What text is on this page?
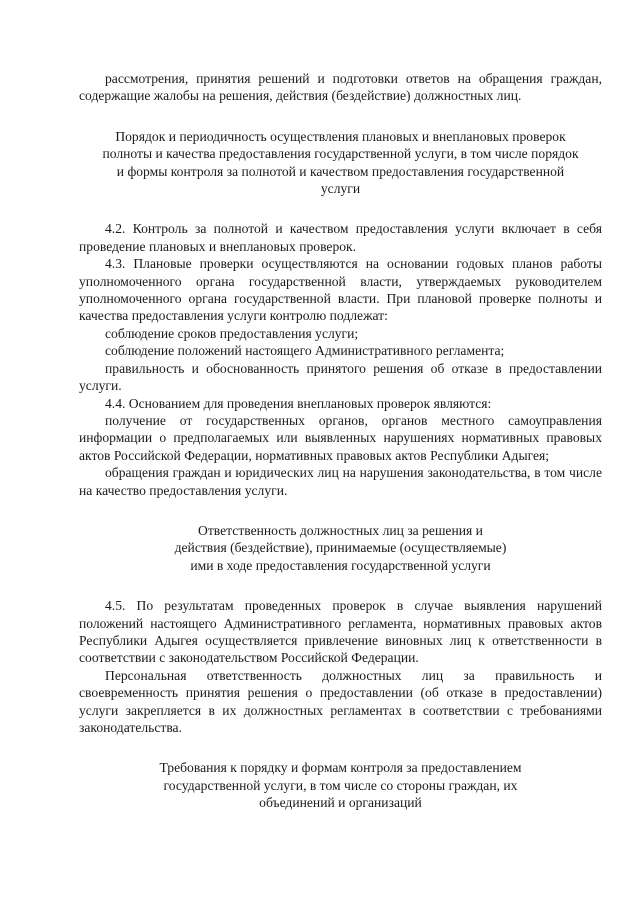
рассмотрения, принятия решений и подготовки ответов на обращения граждан, содержащие жалобы на решения, действия (бездействие) должностных лиц.

Порядок и периодичность осуществления плановых и внеплановых проверок полноты и качества предоставления государственной услуги, в том числе порядок и формы контроля за полнотой и качеством предоставления государственной услуги

4.2. Контроль за полнотой и качеством предоставления услуги включает в себя проведение плановых и внеплановых проверок.

4.3. Плановые проверки осуществляются на основании годовых планов работы уполномоченного органа государственной власти, утверждаемых руководителем уполномоченного органа государственной власти. При плановой проверке полноты и качества предоставления услуги контролю подлежат:

соблюдение сроков предоставления услуги;

соблюдение положений настоящего Административного регламента;

правильность и обоснованность принятого решения об отказе в предоставлении услуги.

4.4. Основанием для проведения внеплановых проверок являются:

получение от государственных органов, органов местного самоуправления информации о предполагаемых или выявленных нарушениях нормативных правовых актов Российской Федерации, нормативных правовых актов Республики Адыгея;

обращения граждан и юридических лиц на нарушения законодательства, в том числе на качество предоставления услуги.

Ответственность должностных лиц за решения и действия (бездействие), принимаемые (осуществляемые) ими в ходе предоставления государственной услуги

4.5. По результатам проведенных проверок в случае выявления нарушений положений настоящего Административного регламента, нормативных правовых актов Республики Адыгея осуществляется привлечение виновных лиц к ответственности в соответствии с законодательством Российской Федерации.

Персональная ответственность должностных лиц за правильность и своевременность принятия решения о предоставлении (об отказе в предоставлении) услуги закрепляется в их должностных регламентах в соответствии с требованиями законодательства.

Требования к порядку и формам контроля за предоставлением государственной услуги, в том числе со стороны граждан, их объединений и организаций
